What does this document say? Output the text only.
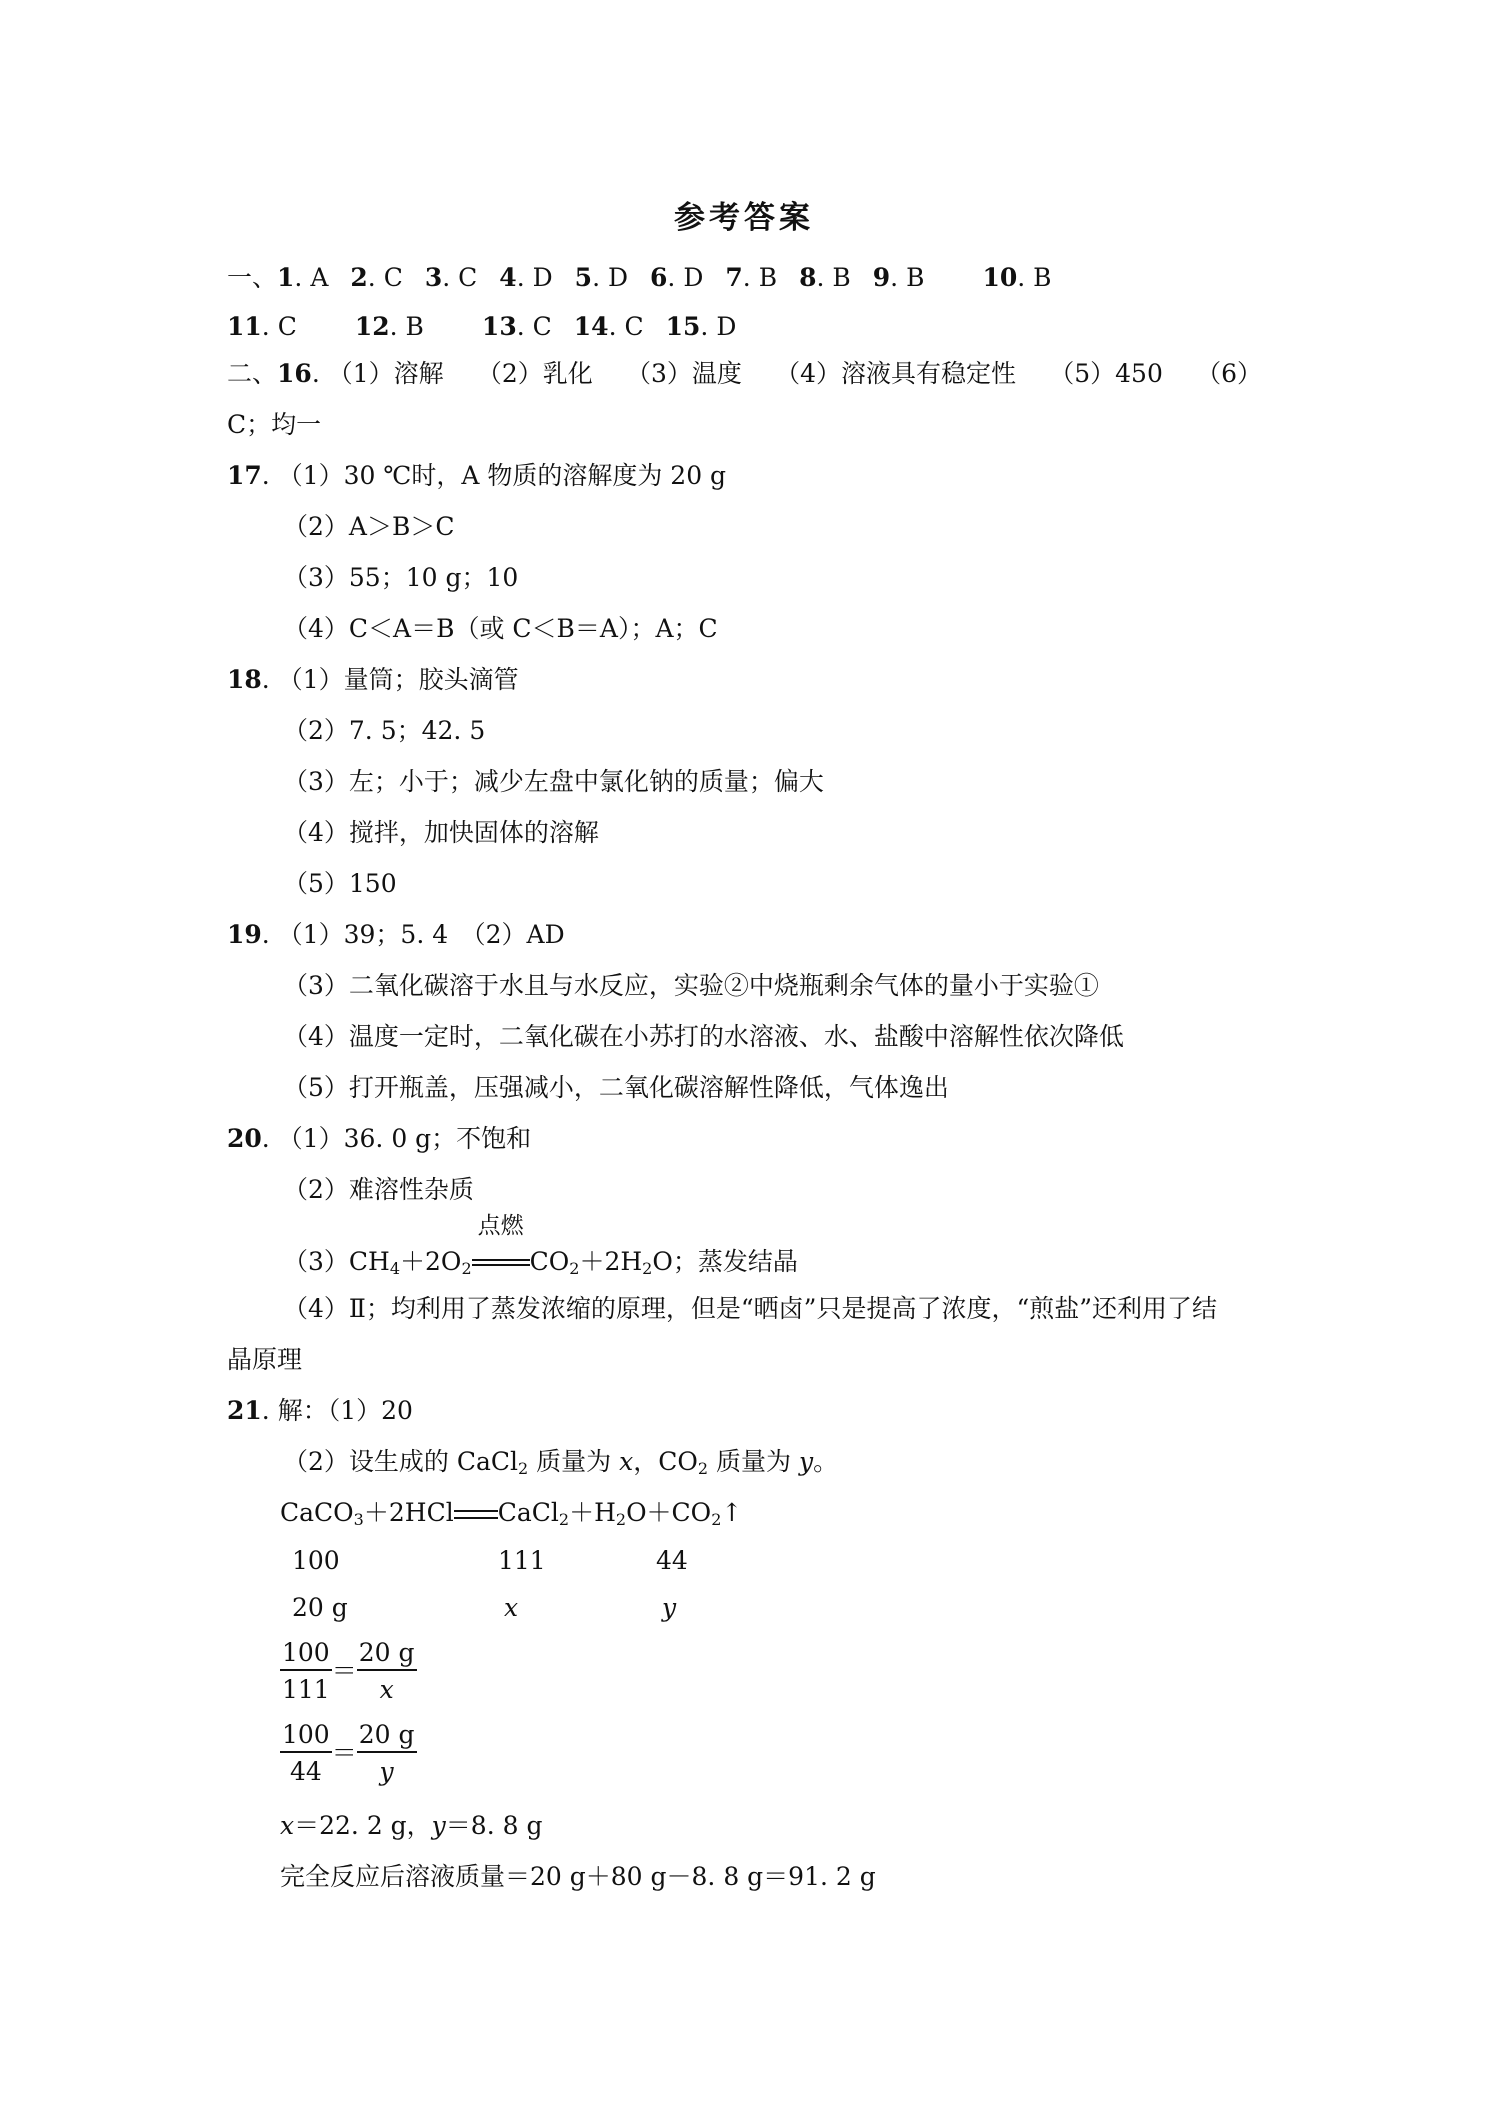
参考答案
一、1. A 2. C 3. C 4. D 5. D 6. D 7. B 8. B 9. B 10. B
11. C 12. B 13. C 14. C 15. D
二、16. （1）溶解 （2）乳化 （3）温度 （4）溶液具有稳定性 （5）450 （6）
C；均一
17. （1）30 ℃时，A 物质的溶解度为 20 g
（2）A＞B＞C
（3）55；10 g；10
（4）C＜A＝B（或 C＜B＝A）；A；C
18. （1）量筒；胶头滴管
（2）7. 5；42. 5
（3）左；小于；减少左盘中氯化钠的质量；偏大
（4）搅拌，加快固体的溶解
（5）150
19. （1）39；5. 4　（2）AD
（3）二氧化碳溶于水且与水反应，实验②中烧瓶剩余气体的量小于实验①
（4）温度一定时，二氧化碳在小苏打的水溶液、水、盐酸中溶解性依次降低
（5）打开瓶盖，压强减小，二氧化碳溶解性降低，气体逸出
20. （1）36. 0 g；不饱和
（2）难溶性杂质
$(3)CH_4+2O_2$
点燃
$CO_2+2H_2O$；蒸发结晶
（4）Ⅱ；均利用了蒸发浓缩的原理，但是“晒卤”只是提高了浓度，“煎盐”还利用了结
晶原理
21. 解：（1）20
（2）设生成的 CaCl$_2$ 质量为 x，$CO_2$ 质量为 y。
CaCO$_3$＋2HCl $CaCl_2+H_2O+CO_2↑$
100	111	44
20 g	x	y
$\frac{100}{111} = \frac{20 g}{x}$
$\frac{100}{44} = \frac{20 g}{y}$
x＝22. 2 g，y＝8. 8 g
完全反应后溶液质量＝20 g＋80 g－8. 8 g＝91. 2 g
